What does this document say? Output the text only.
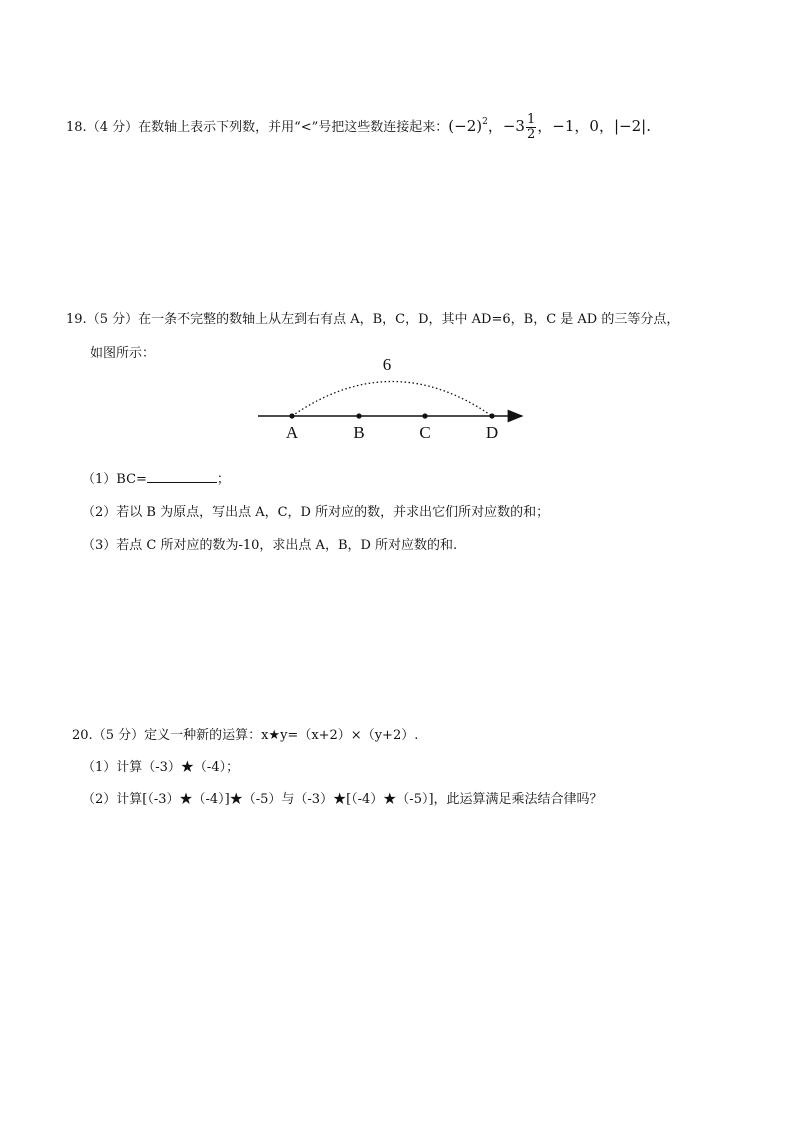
18.（4 分）在数轴上表示下列数，并用“<”号把这些数连接起来：$(-2)^2$，$-3 \frac{1}{2}$ ，−1，0，|−2|.
19.（5 分）在一条不完整的数轴上从左到右有点 A，B，C，D，其中 AD=6，B，C 是 AD 的三等分点，
如图所示：
6
A	B	C	D
（1）BC=	；
（2）若以 B 为原点，写出点 A，C，D 所对应的数，并求出它们所对应数的和；
（3）若点 C 所对应的数为-10，求出点 A，B，D 所对应数的和.
20.（5 分）定义一种新的运算：x★y=（x+2）×（y+2）.
（1）计算（-3）★（-4）；
（2）计算[（-3）★（-4）]★（-5）与（-3）★[（-4）★（-5）]，此运算满足乘法结合律吗？
